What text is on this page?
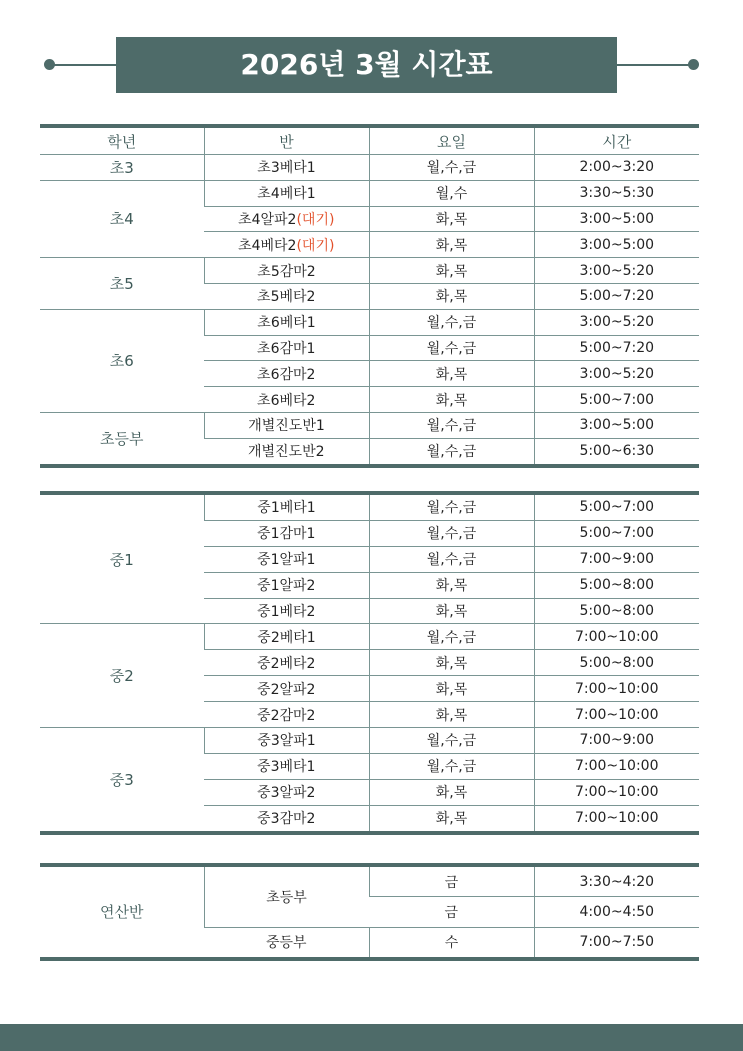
2026년 3월 시간표
학년	반	요일	시간
초3	초3베타1	월,수,금	2:00~3:20
초4	초4베타1	월,수	3:30~5:30
	초4알파2(대기)	화,목	3:00~5:00
	초4베타2(대기)	화,목	3:00~5:00
초5	초5감마2	화,목	3:00~5:20
	초5베타2	화,목	5:00~7:20
초6	초6베타1	월,수,금	3:00~5:20
	초6감마1	월,수,금	5:00~7:20
	초6감마2	화,목	3:00~5:20
	초6베타2	화,목	5:00~7:00
초등부	개별진도반1	월,수,금	3:00~5:00
	개별진도반2	월,수,금	5:00~6:30
중1	중1베타1	월,수,금	5:00~7:00
	중1감마1	월,수,금	5:00~7:00
	중1알파1	월,수,금	7:00~9:00
	중1알파2	화,목	5:00~8:00
	중1베타2	화,목	5:00~8:00
중2	중2베타1	월,수,금	7:00~10:00
	중2베타2	화,목	5:00~8:00
	중2알파2	화,목	7:00~10:00
	중2감마2	화,목	7:00~10:00
중3	중3알파1	월,수,금	7:00~9:00
	중3베타1	월,수,금	7:00~10:00
	중3알파2	화,목	7:00~10:00
	중3감마2	화,목	7:00~10:00
연산반	초등부	금	3:30~4:20
		금	4:00~4:50
	중등부	수	7:00~7:50
